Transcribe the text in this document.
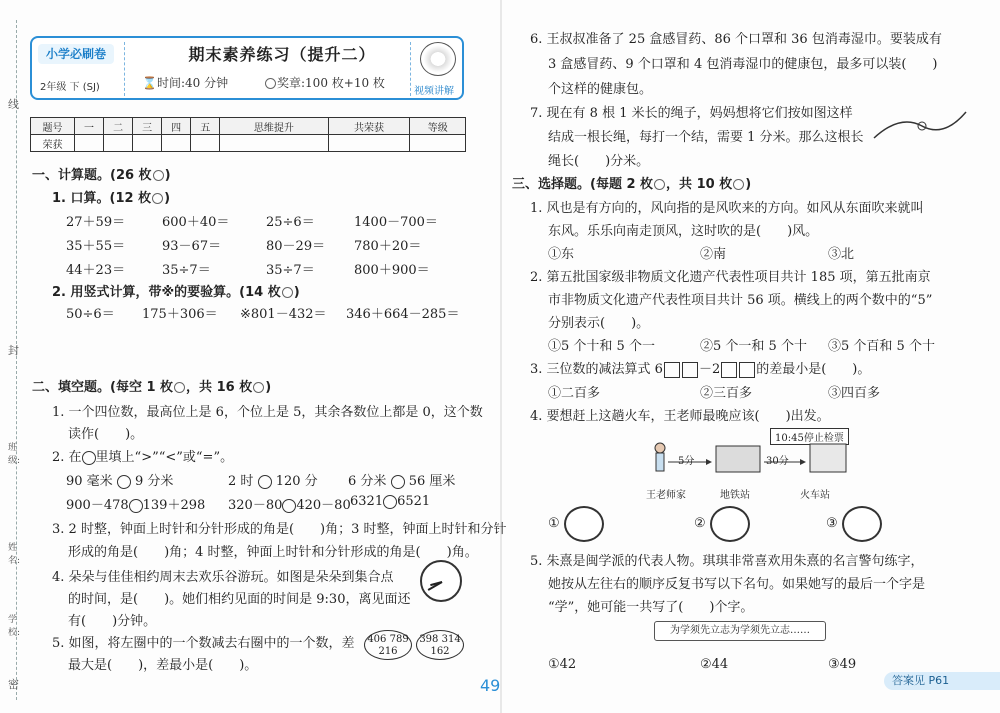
线
封
班级:
姓名:
学校:
密
小学必刷卷
2年级 下 (SJ)
期末素养练习（提升二）
⌛时间:40 分钟	奖章:100 枚+10 枚
视频讲解
题号	一	二	三	四	五	思维提升	共荣获	等级
荣获								
一、计算题。(26 枚 )
1. 口算。(12 枚 )
27＋59＝	600＋40＝	25÷6＝	1400－700＝
35＋55＝	93－67＝	80－29＝ 780＋20＝
44＋23＝	35÷7＝	35÷7＝	800＋900＝
2. 用竖式计算，带※的要验算。(14 枚 )
50÷6＝ 175＋306＝ ※801－432＝ 346＋664－285＝
二、填空题。(每空 1 枚 ，共 16 枚 )
1. 一个四位数，最高位上是 6，个位上是 5，其余各数位上都是 0，这个数
读作(　　)。
2. 在 里填上“>”“<”或“=”。
90 毫米 9 分米	2 时 120 分 6 分米 56 厘米
900－478 139＋298 320－80 420－80 6321 6521
3. 2 时整，钟面上时针和分针形成的角是(　　)角；3 时整，钟面上时针和分针
形成的角是(　　)角；4 时整，钟面上时针和分针形成的角是(　　)角。
4. 朵朵与佳佳相约周末去欢乐谷游玩。如图是朵朵到集合点
的时间，是(　　)。她们相约见面的时间是 9:30，离见面还
有(　　)分钟。
5. 如图，将左圈中的一个数减去右圈中的一个数，差
最大是(　　)，差最小是(　　)。
406 789
216
398 314
162
6. 王叔叔准备了 25 盒感冒药、86 个口罩和 36 包消毒湿巾。要装成有
3 盒感冒药、9 个口罩和 4 包消毒湿巾的健康包，最多可以装(　　)
个这样的健康包。
7. 现在有 8 根 1 米长的绳子，妈妈想将它们按如图这样
结成一根长绳，每打一个结，需要 1 分米。那么这根长
绳长(　　)分米。
三、选择题。(每题 2 枚 ，共 10 枚 )
1. 风也是有方向的，风向指的是风吹来的方向。如风从东面吹来就叫
东风。乐乐向南走顶风，这时吹的是(　　)风。
①东	②南	③北
2. 第五批国家级非物质文化遗产代表性项目共计 185 项，第五批南京
市非物质文化遗产代表性项目共计 56 项。横线上的两个数中的“5”
分别表示(　　)。
①5 个十和 5 个一	②5 个一和 5 个十 ③5 个百和 5 个十
3. 三位数的减法算式 6	－2	的差最小是(　　)。
①二百多	②三百多	③四百多
4. 要想赶上这趟火车，王老师最晚应该(　　)出发。
10:45停止检票
5分	30分
王老师家	地铁站	火车站
①	②	③
5. 朱熹是闽学派的代表人物。琪琪非常喜欢用朱熹的名言警句练字，
她按从左往右的顺序反复书写以下名句。如果她写的最后一个字是
“学”，她可能一共写了(　　)个字。
为学须先立志为学须先立志……
①42	②44	③49
49	答案见 P61
